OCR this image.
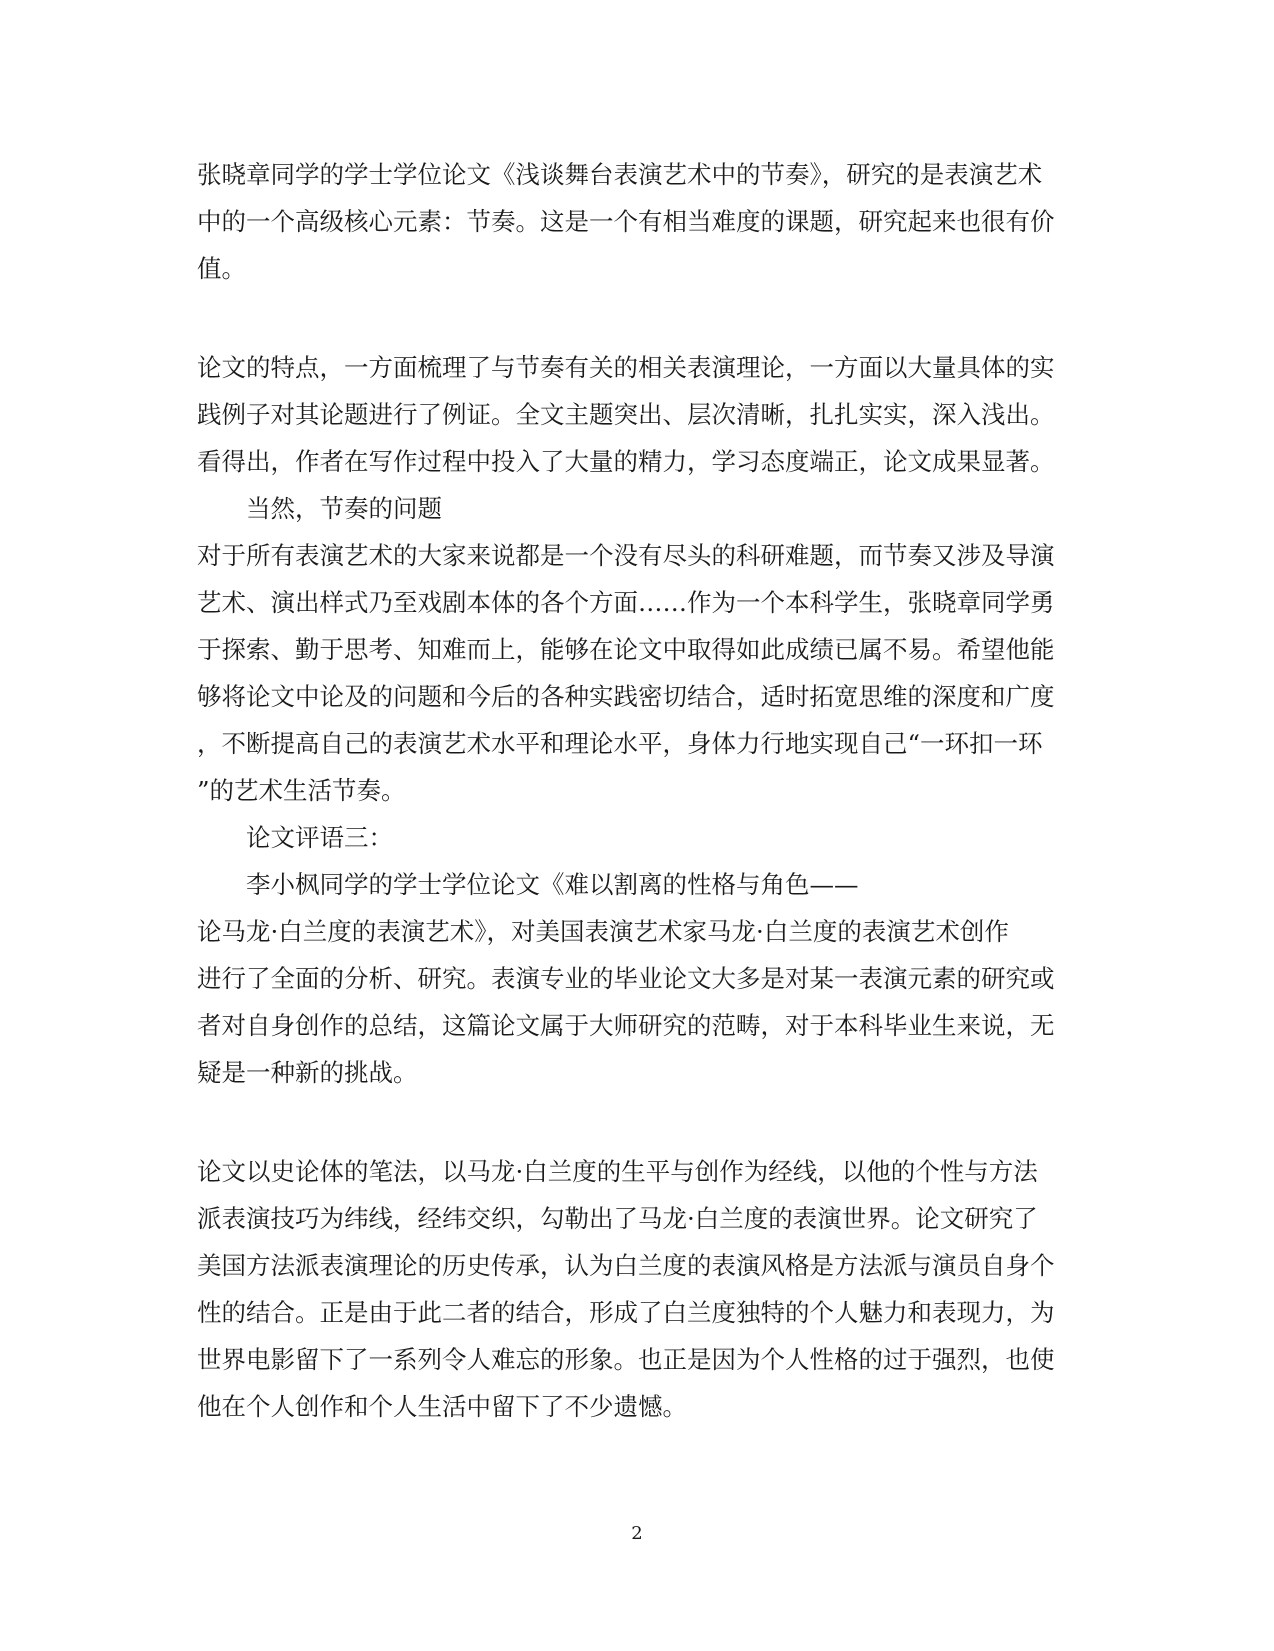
张晓章同学的学士学位论文《浅谈舞台表演艺术中的节奏》，研究的是表演艺术
中的一个高级核心元素：节奏。这是一个有相当难度的课题，研究起来也很有价
值。
论文的特点，一方面梳理了与节奏有关的相关表演理论，一方面以大量具体的实
践例子对其论题进行了例证。全文主题突出、层次清晰，扎扎实实，深入浅出。
看得出，作者在写作过程中投入了大量的精力，学习态度端正，论文成果显著。
当然，节奏的问题
对于所有表演艺术的大家来说都是一个没有尽头的科研难题，而节奏又涉及导演
艺术、演出样式乃至戏剧本体的各个方面……作为一个本科学生，张晓章同学勇
于探索、勤于思考、知难而上，能够在论文中取得如此成绩已属不易。希望他能
够将论文中论及的问题和今后的各种实践密切结合，适时拓宽思维的深度和广度
，不断提高自己的表演艺术水平和理论水平，身体力行地实现自己“一环扣一环
”的艺术生活节奏。
论文评语三：
李小枫同学的学士学位论文《难以割离的性格与角色——
论马龙·白兰度的表演艺术》，对美国表演艺术家马龙·白兰度的表演艺术创作
进行了全面的分析、研究。表演专业的毕业论文大多是对某一表演元素的研究或
者对自身创作的总结，这篇论文属于大师研究的范畴，对于本科毕业生来说，无
疑是一种新的挑战。
论文以史论体的笔法，以马龙·白兰度的生平与创作为经线，以他的个性与方法
派表演技巧为纬线，经纬交织，勾勒出了马龙·白兰度的表演世界。论文研究了
美国方法派表演理论的历史传承，认为白兰度的表演风格是方法派与演员自身个
性的结合。正是由于此二者的结合，形成了白兰度独特的个人魅力和表现力，为
世界电影留下了一系列令人难忘的形象。也正是因为个人性格的过于强烈，也使
他在个人创作和个人生活中留下了不少遗憾。
2
